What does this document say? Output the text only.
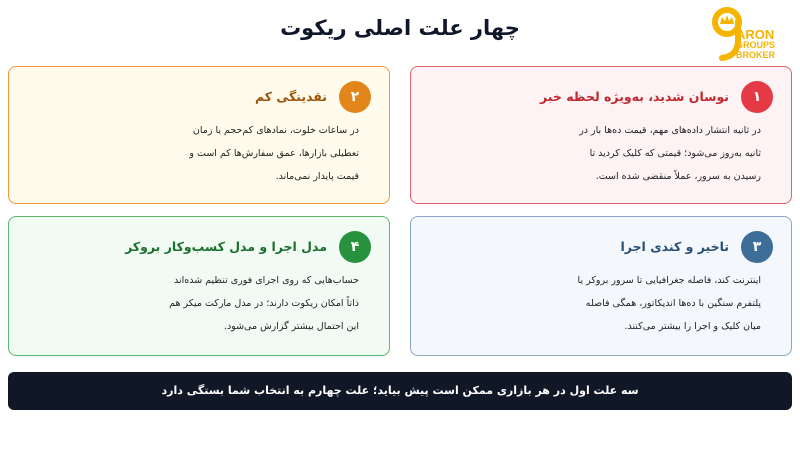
چهار علت اصلی ریکوت	ARON
GROUPS
BROKER
۱
نوسان شدید، به‌ویژه لحظه خبر
در ثانیه انتشار داده‌های مهم، قیمت ده‌ها بار در
ثانیه به‌روز می‌شود؛ قیمتی که کلیک کردید تا
رسیدن به سرور، عملاً منقضی شده است.
۲
نقدینگی کم
در ساعات خلوت، نمادهای کم‌حجم یا زمان
تعطیلی بازارها، عمق سفارش‌ها کم است و
قیمت پایدار نمی‌ماند.
۳
تاخیر و کندی اجرا
اینترنت کند، فاصله جغرافیایی تا سرور بروکر یا
پلتفرم سنگین با ده‌ها اندیکاتور، همگی فاصله
میان کلیک و اجرا را بیشتر می‌کنند.
۴
مدل اجرا و مدل کسب‌وکار بروکر
حساب‌هایی که روی اجرای فوری تنظیم شده‌اند
ذاتاً امکان ریکوت دارند؛ در مدل مارکت میکر هم
این احتمال بیشتر گزارش می‌شود.
سه علت اول در هر بازاری ممکن است پیش بیاید؛ علت چهارم به انتخاب شما بستگی دارد
